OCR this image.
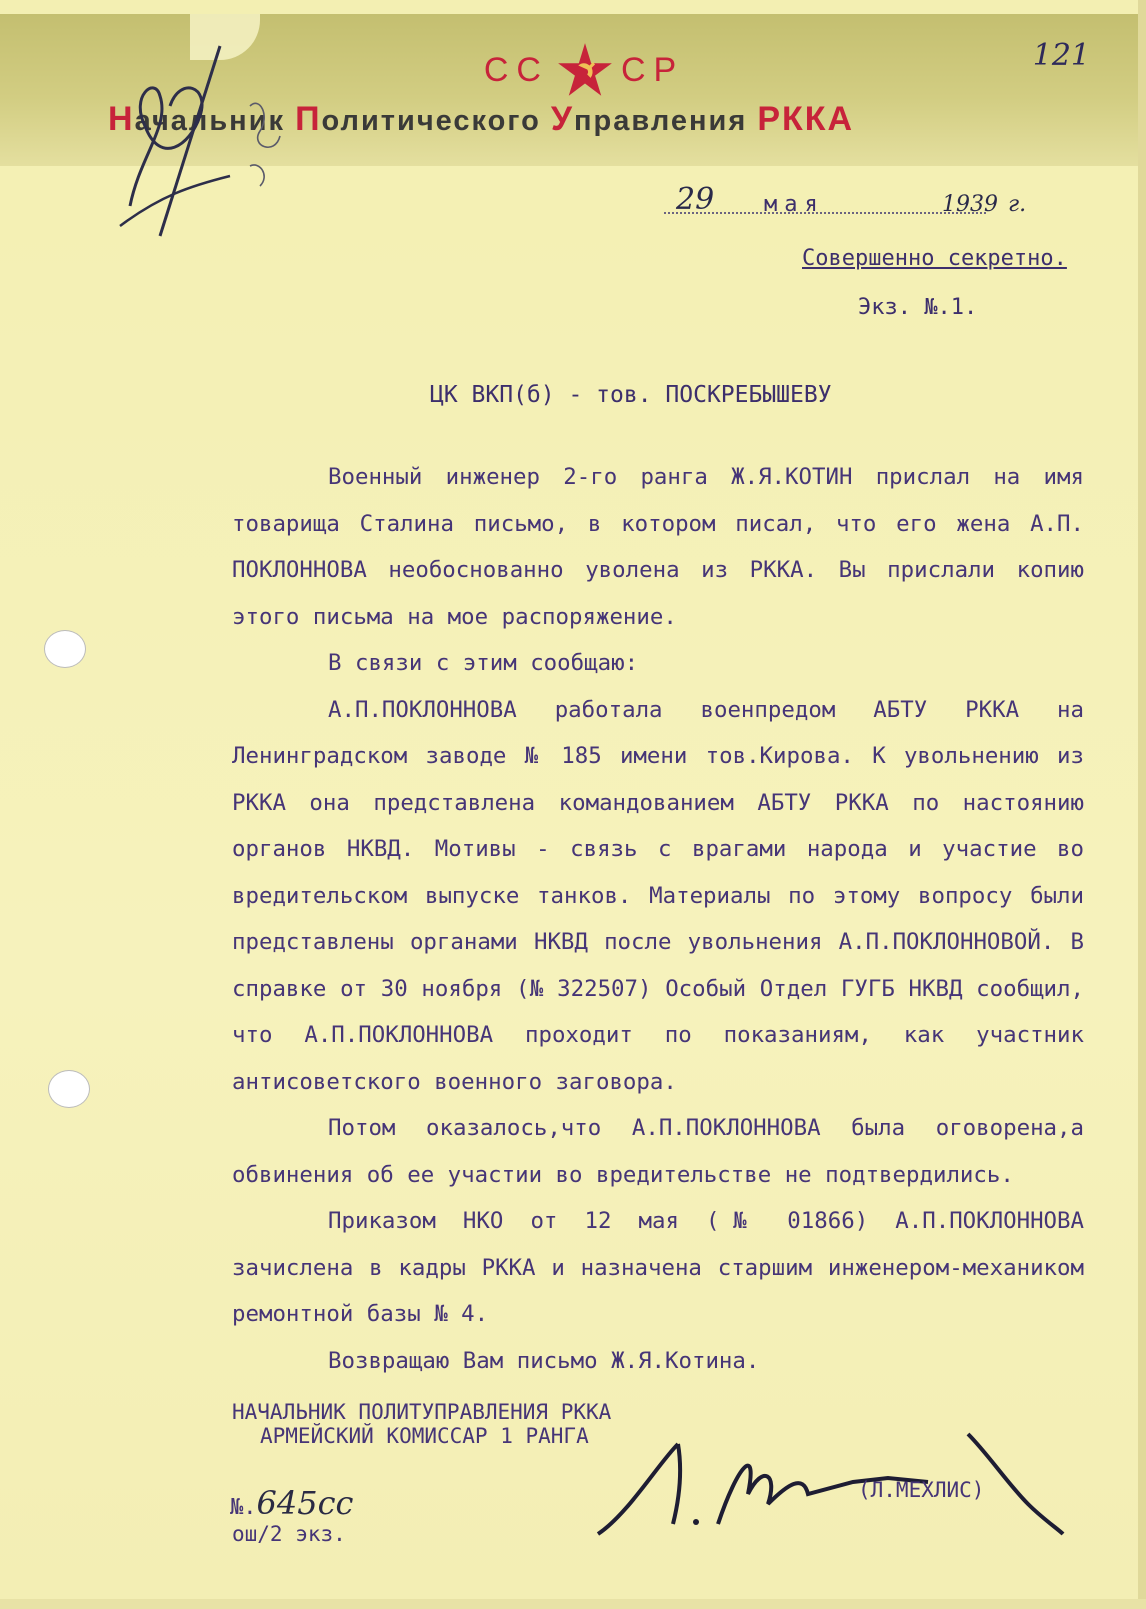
СС СР
Начальник Политического Управления РККА
121
29 мая	1939 г.
Совершенно секретно.
Экз. №.1.
ЦК ВКП(б) - тов. ПОСКРЕБЫШЕВУ

Военный инженер 2-го ранга Ж.Я.КОТИН прислал на имя товарища Сталина письмо, в котором писал, что его жена А.П. ПОКЛОННОВА необоснованно уволена из РККА. Вы прислали копию этого письма на мое распоряжение.

В связи с этим сообщаю:

А.П.ПОКЛОННОВА работала военпредом АБТУ РККА на Ленинградском заводе № 185 имени тов.Кирова. К увольнению из РККА она представлена командованием АБТУ РККА по настоянию органов НКВД. Мотивы - связь с врагами народа и участие во вредительском выпуске танков. Материалы по этому вопросу были представлены органами НКВД после увольнения А.П.ПОКЛОННОВОЙ. В справке от 30 ноября (№ 322507) Особый Отдел ГУГБ НКВД сообщил, что А.П.ПОКЛОННОВА проходит по показаниям, как участник антисоветского военного заговора.

Потом оказалось,что А.П.ПОКЛОННОВА была оговорена,а обвинения об ее участии во вредительстве не подтвердились.

Приказом НКО от 12 мая (№ 01866) А.П.ПОКЛОННОВА зачислена в кадры РККА и назначена старшим инженером-механиком ремонтной базы № 4.

Возвращаю Вам письмо Ж.Я.Котина.

НАЧАЛЬНИК ПОЛИТУПРАВЛЕНИЯ РККА
АРМЕЙСКИЙ КОМИССАР 1 РАНГА
(Л.МЕХЛИС)
№.645сс
ош/2 экз.
